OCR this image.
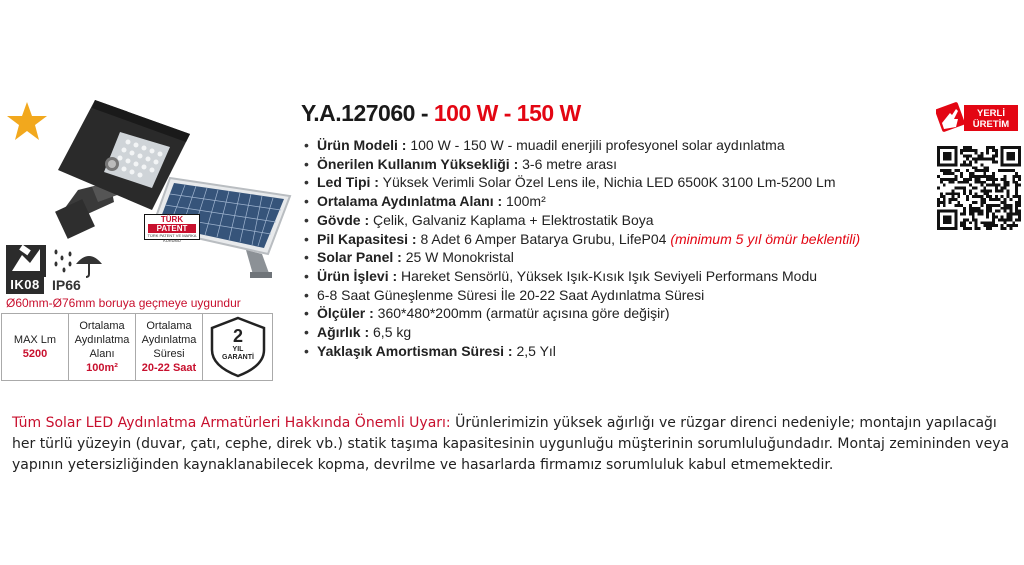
TÜRK
PATENT
TÜRK PATENT VE MARKA KURUMU
IK08 IP66
Ø60mm-Ø76mm boruya geçmeye uygundur
MAX Lm
5200
Ortalama
Aydınlatma
Alanı
100m²
Ortalama
Aydınlatma
Süresi
20-22 Saat
2
YIL
GARANTİ
Y.A.127060 - 100 W - 150 W
• Ürün Modeli : 100 W - 150 W - muadil enerjili profesyonel solar aydınlatma
• Önerilen Kullanım Yüksekliği : 3-6 metre arası
• Led Tipi : Yüksek Verimli Solar Özel Lens ile, Nichia LED 6500K 3100 Lm-5200 Lm
• Ortalama Aydınlatma Alanı : 100m²
• Gövde : Çelik, Galvaniz Kaplama + Elektrostatik Boya
• Pil Kapasitesi : 8 Adet 6 Amper Batarya Grubu, LifeP04 (minimum 5 yıl ömür beklentili)
• Solar Panel : 25 W Monokristal
• Ürün İşlevi : Hareket Sensörlü, Yüksek Işık-Kısık Işık Seviyeli Performans Modu
• 6-8 Saat Güneşlenme Süresi İle 20-22 Saat Aydınlatma Süresi
• Ölçüler : 360*480*200mm (armatür açısına göre değişir)
• Ağırlık : 6,5 kg
• Yaklaşık Amortisman Süresi : 2,5 Yıl
YERLİ
ÜRETİM
Tüm Solar LED Aydınlatma Armatürleri Hakkında Önemli Uyarı: Ürünlerimizin yüksek ağırlığı ve rüzgar direnci nedeniyle; montajın yapılacağı her türlü yüzeyin (duvar, çatı, cephe, direk vb.) statik taşıma kapasitesinin uygunluğu müşterinin sorumluluğundadır. Montaj zemininden veya yapının yetersizliğinden kaynaklanabilecek kopma, devrilme ve hasarlarda firmamız sorumluluk kabul etmemektedir.
